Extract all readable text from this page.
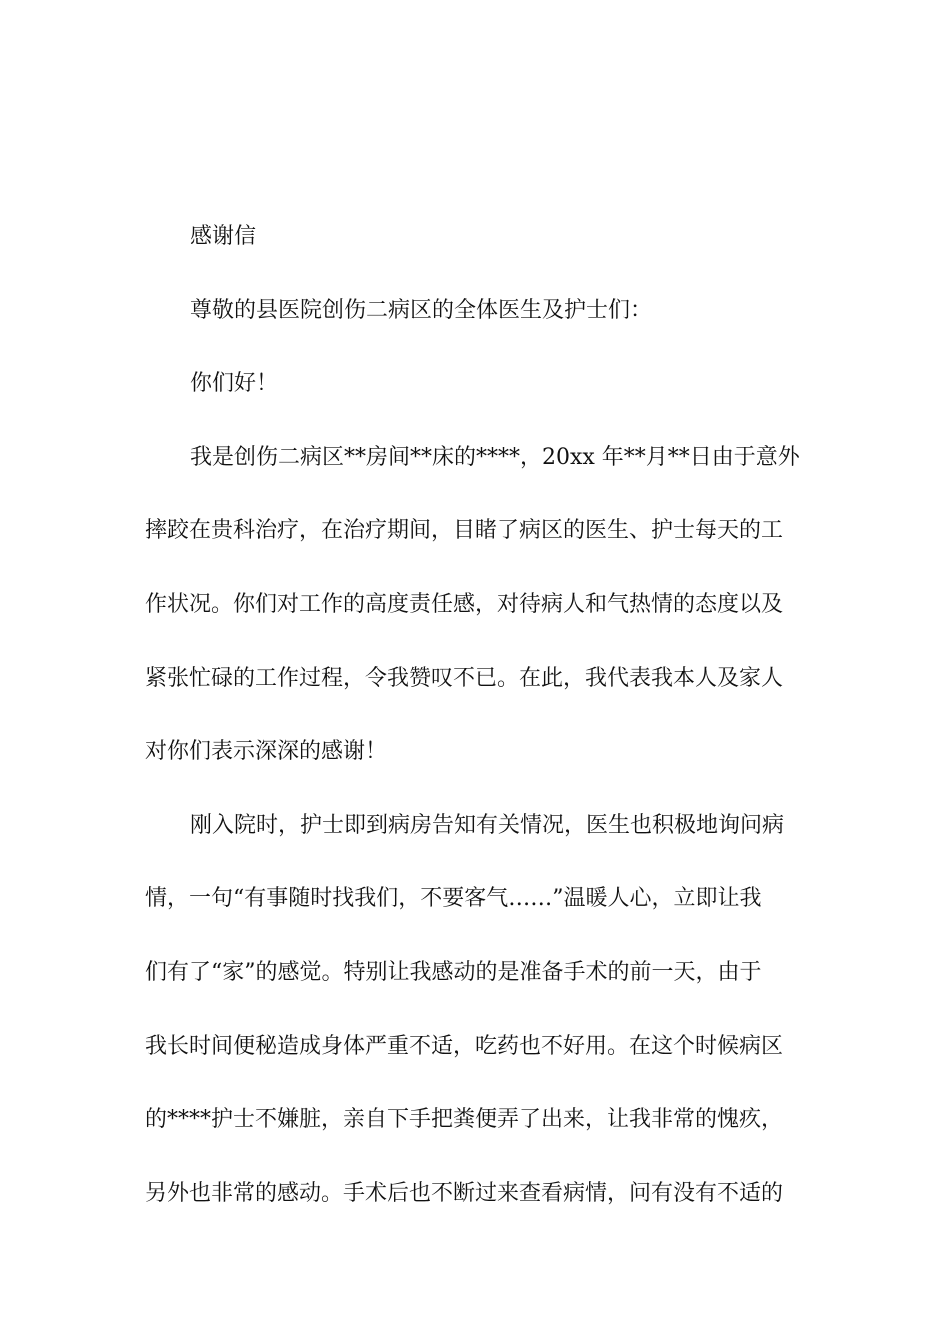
感谢信
尊敬的县医院创伤二病区的全体医生及护士们：
你们好！
我是创伤二病区**房间**床的****，20xx 年**月**日由于意外
摔跤在贵科治疗，在治疗期间，目睹了病区的医生、护士每天的工
作状况。你们对工作的高度责任感，对待病人和气热情的态度以及
紧张忙碌的工作过程，令我赞叹不已。在此，我代表我本人及家人
对你们表示深深的感谢！
刚入院时，护士即到病房告知有关情况，医生也积极地询问病
情，一句“有事随时找我们，不要客气……”温暖人心，立即让我
们有了“家”的感觉。特别让我感动的是准备手术的前一天，由于
我长时间便秘造成身体严重不适，吃药也不好用。在这个时候病区
的****护士不嫌脏，亲自下手把粪便弄了出来，让我非常的愧疚，
另外也非常的感动。手术后也不断过来查看病情，问有没有不适的
